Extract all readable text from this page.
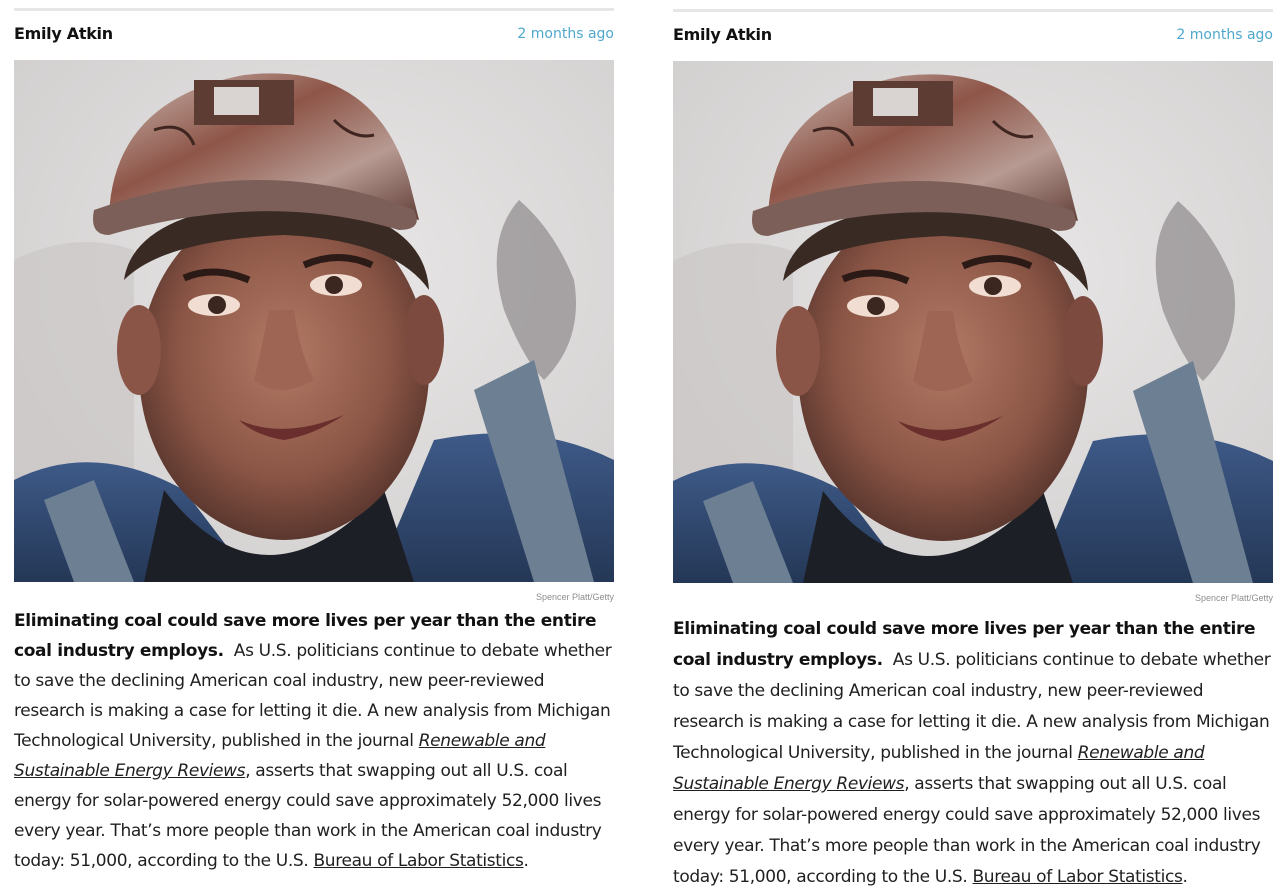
Emily Atkin	2 months ago
Spencer Platt/Getty
Eliminating coal could save more lives per year than the entire coal industry employs. As U.S. politicians continue to debate whether to save the declining American coal industry, new peer-reviewed research is making a case for letting it die. A new analysis from Michigan Technological University, published in the journal Renewable and Sustainable Energy Reviews, asserts that swapping out all U.S. coal energy for solar-powered energy could save approximately 52,000 lives every year. That’s more people than work in the American coal industry today: 51,000, according to the U.S. Bureau of Labor Statistics.
Emily Atkin	2 months ago
Spencer Platt/Getty
Eliminating coal could save more lives per year than the entire coal industry employs. As U.S. politicians continue to debate whether to save the declining American coal industry, new peer-reviewed research is making a case for letting it die. A new analysis from Michigan Technological University, published in the journal Renewable and Sustainable Energy Reviews, asserts that swapping out all U.S. coal energy for solar-powered energy could save approximately 52,000 lives every year. That’s more people than work in the American coal industry today: 51,000, according to the U.S. Bureau of Labor Statistics.
